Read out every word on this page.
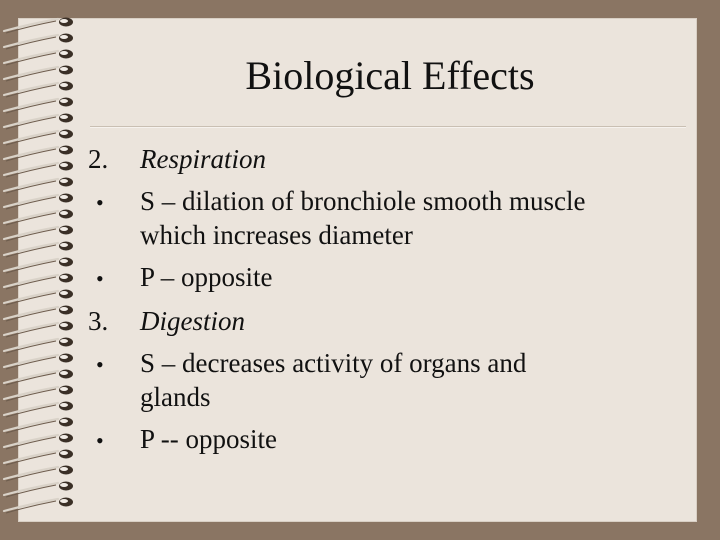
Biological Effects
2. Respiration
• S – dilation of bronchiole smooth muscle
which increases diameter
• P – opposite
3. Digestion
• S – decreases activity of organs and
glands
• P -- opposite
